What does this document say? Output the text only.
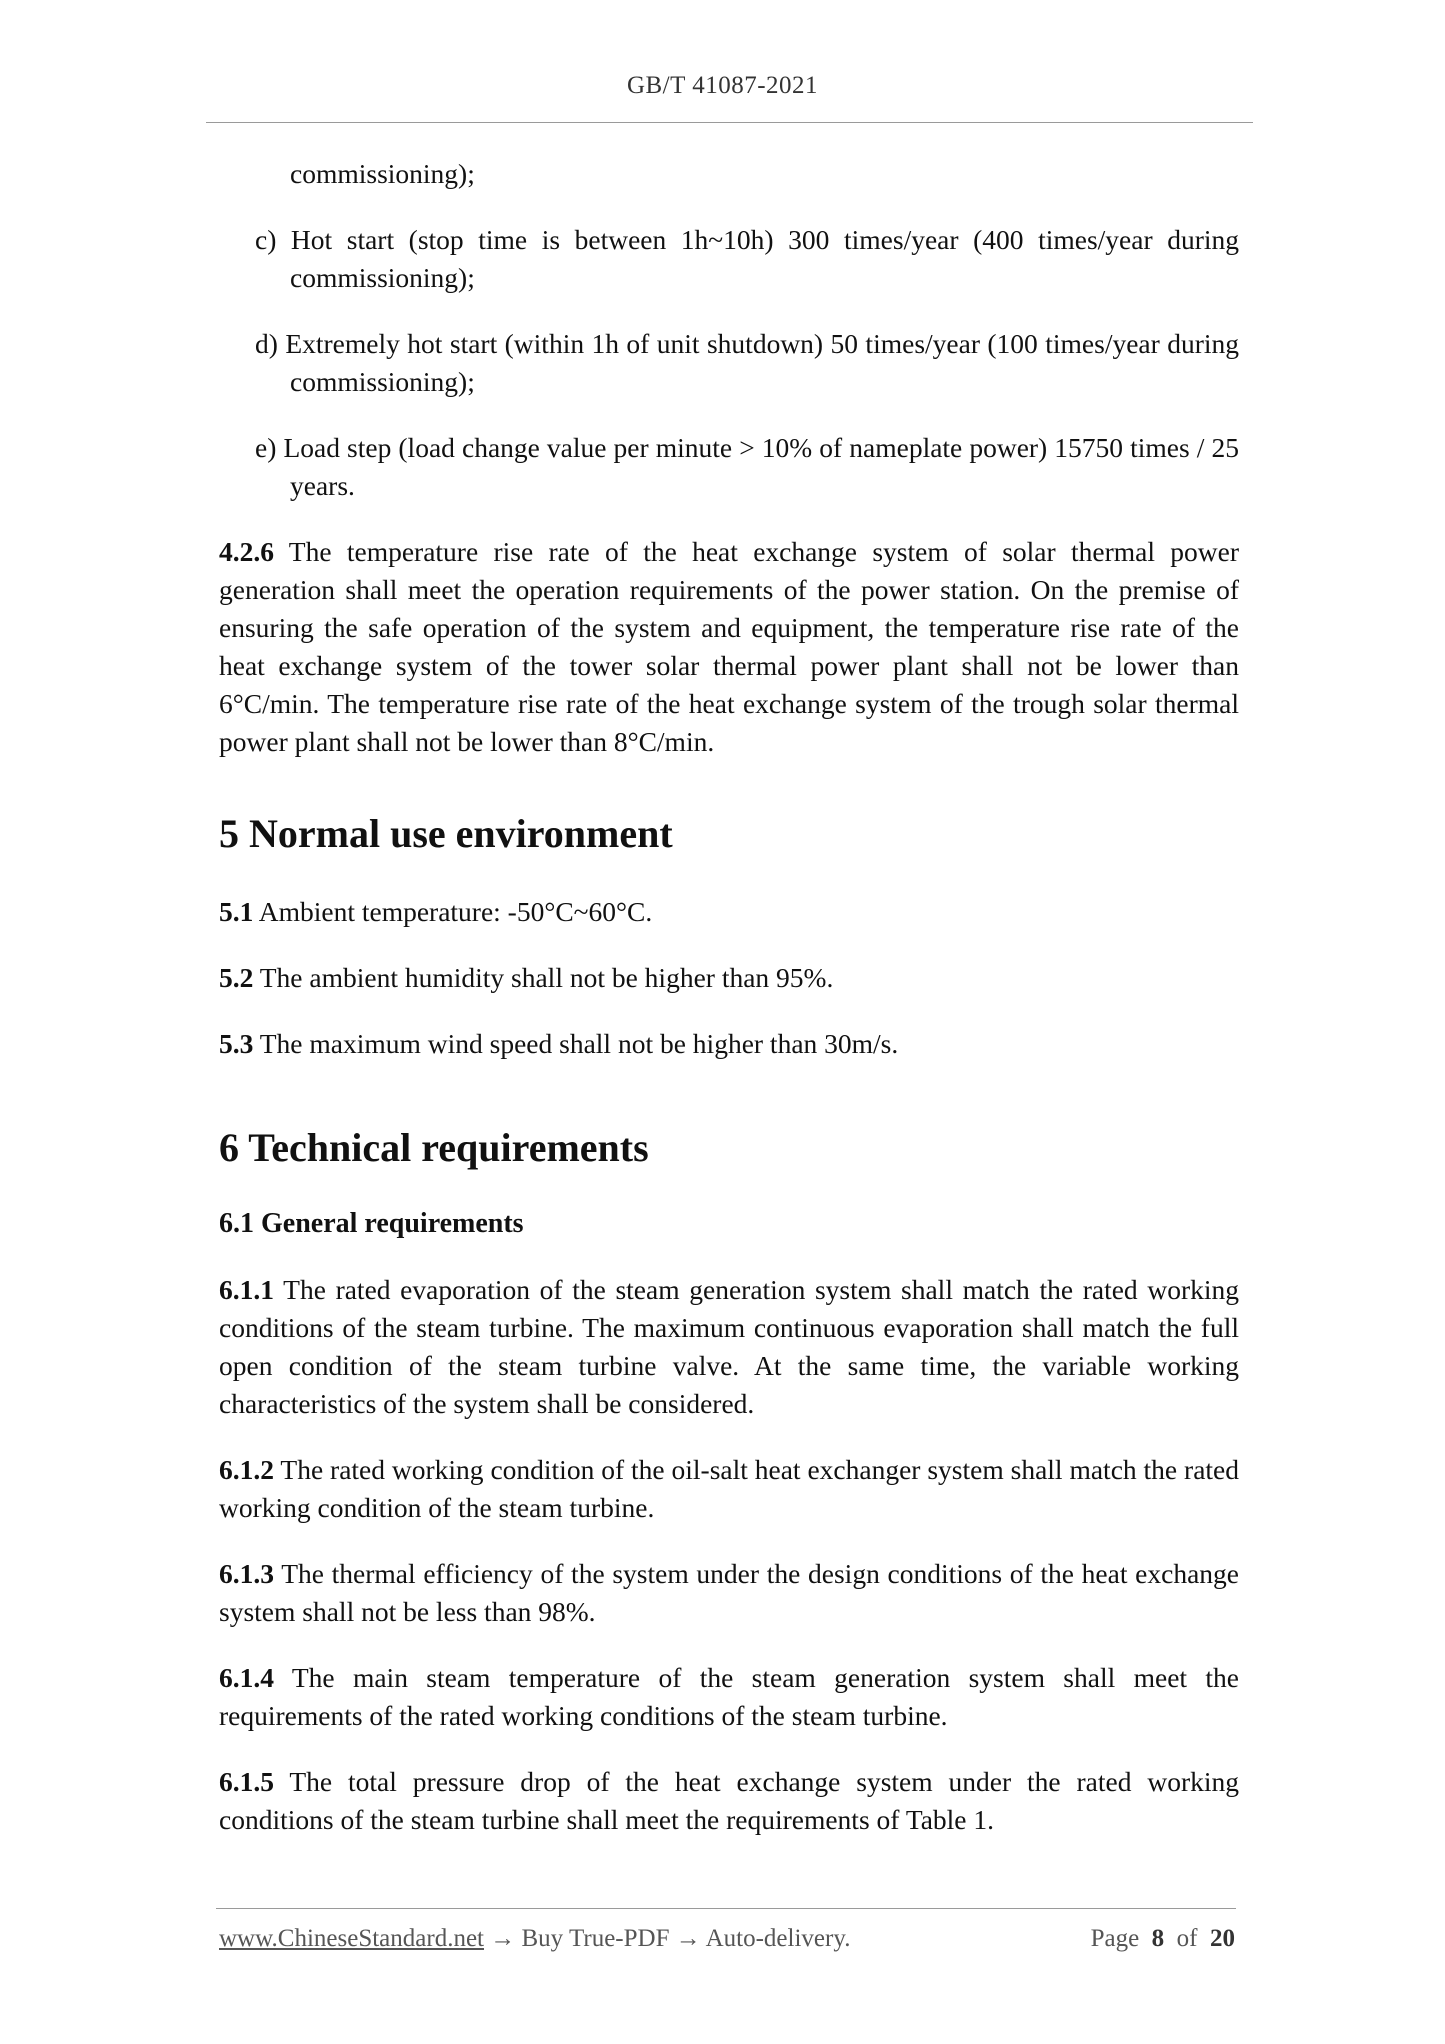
GB/T 41087-2021

commissioning);

c) Hot start (stop time is between 1h~10h) 300 times/year (400 times/year during commissioning);

d) Extremely hot start (within 1h of unit shutdown) 50 times/year (100 times/year during commissioning);

e) Load step (load change value per minute > 10% of nameplate power) 15750 times / 25 years.

4.2.6 The temperature rise rate of the heat exchange system of solar thermal power generation shall meet the operation requirements of the power station. On the premise of ensuring the safe operation of the system and equipment, the temperature rise rate of the heat exchange system of the tower solar thermal power plant shall not be lower than 6°C/min. The temperature rise rate of the heat exchange system of the trough solar thermal power plant shall not be lower than 8°C/min.

5 Normal use environment

5.1 Ambient temperature: -50°C~60°C.

5.2 The ambient humidity shall not be higher than 95%.

5.3 The maximum wind speed shall not be higher than 30m/s.

6 Technical requirements
6.1 General requirements

6.1.1 The rated evaporation of the steam generation system shall match the rated working conditions of the steam turbine. The maximum continuous evaporation shall match the full open condition of the steam turbine valve. At the same time, the variable working characteristics of the system shall be considered.

6.1.2 The rated working condition of the oil-salt heat exchanger system shall match the rated working condition of the steam turbine.

6.1.3 The thermal efficiency of the system under the design conditions of the heat exchange system shall not be less than 98%.

6.1.4 The main steam temperature of the steam generation system shall meet the requirements of the rated working conditions of the steam turbine.

6.1.5 The total pressure drop of the heat exchange system under the rated working conditions of the steam turbine shall meet the requirements of Table 1.

www.ChineseStandard.net → Buy True-PDF → Auto-delivery.	Page 8 of 20
